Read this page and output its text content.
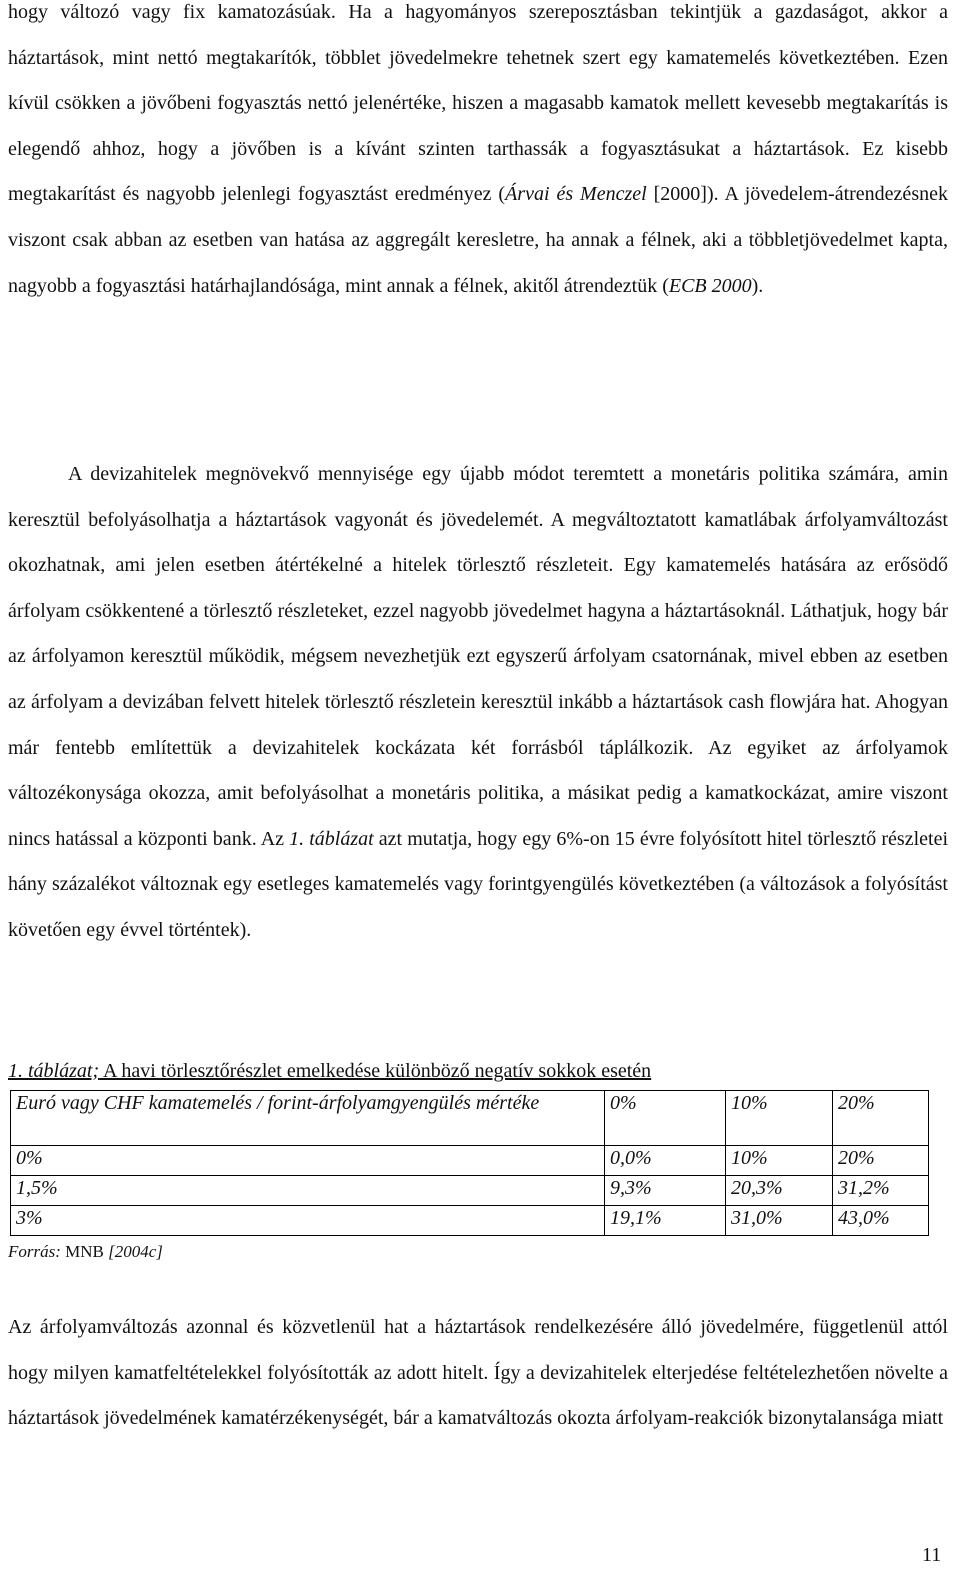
hogy változó vagy fix kamatozásúak. Ha a hagyományos szereposztásban tekintjük a gazdaságot, akkor a háztartások, mint nettó megtakarítók, többlet jövedelmekre tehetnek szert egy kamatemelés következtében. Ezen kívül csökken a jövőbeni fogyasztás nettó jelenértéke, hiszen a magasabb kamatok mellett kevesebb megtakarítás is elegendő ahhoz, hogy a jövőben is a kívánt szinten tarthassák a fogyasztásukat a háztartások. Ez kisebb megtakarítást és nagyobb jelenlegi fogyasztást eredményez (Árvai és Menczel [2000]). A jövedelem-átrendezésnek viszont csak abban az esetben van hatása az aggregált keresletre, ha annak a félnek, aki a többletjövedelmet kapta, nagyobb a fogyasztási határhajlandósága, mint annak a félnek, akitől átrendeztük (ECB 2000).

A devizahitelek megnövekvő mennyisége egy újabb módot teremtett a monetáris politika számára, amin keresztül befolyásolhatja a háztartások vagyonát és jövedelemét. A megváltoztatott kamatlábak árfolyamváltozást okozhatnak, ami jelen esetben átértékelné a hitelek törlesztő részleteit. Egy kamatemelés hatására az erősödő árfolyam csökkentené a törlesztő részleteket, ezzel nagyobb jövedelmet hagyna a háztartásoknál. Láthatjuk, hogy bár az árfolyamon keresztül működik, mégsem nevezhetjük ezt egyszerű árfolyam csatornának, mivel ebben az esetben az árfolyam a devizában felvett hitelek törlesztő részletein keresztül inkább a háztartások cash flowjára hat. Ahogyan már fentebb említettük a devizahitelek kockázata két forrásból táplálkozik. Az egyiket az árfolyamok változékonysága okozza, amit befolyásolhat a monetáris politika, a másikat pedig a kamatkockázat, amire viszont nincs hatással a központi bank. Az 1. táblázat azt mutatja, hogy egy 6%-on 15 évre folyósított hitel törlesztő részletei hány százalékot változnak egy esetleges kamatemelés vagy forintgyengülés következtében (a változások a folyósítást követően egy évvel történtek).

1. táblázat; A havi törlesztőrészlet emelkedése különböző negatív sokkok esetén
Euró vagy CHF kamatemelés / forint-árfolyamgyengülés mértéke	0%	10%	20%
0%	0,0%	10%	20%
1,5%	9,3%	20,3%	31,2%
3%	19,1%	31,0%	43,0%
Forrás: MNB [2004c]

Az árfolyamváltozás azonnal és közvetlenül hat a háztartások rendelkezésére álló jövedelmére, függetlenül attól hogy milyen kamatfeltételekkel folyósították az adott hitelt. Így a devizahitelek elterjedése feltételezhetően növelte a háztartások jövedelmének kamatérzékenységét, bár a kamatváltozás okozta árfolyam-reakciók bizonytalansága miatt

11
